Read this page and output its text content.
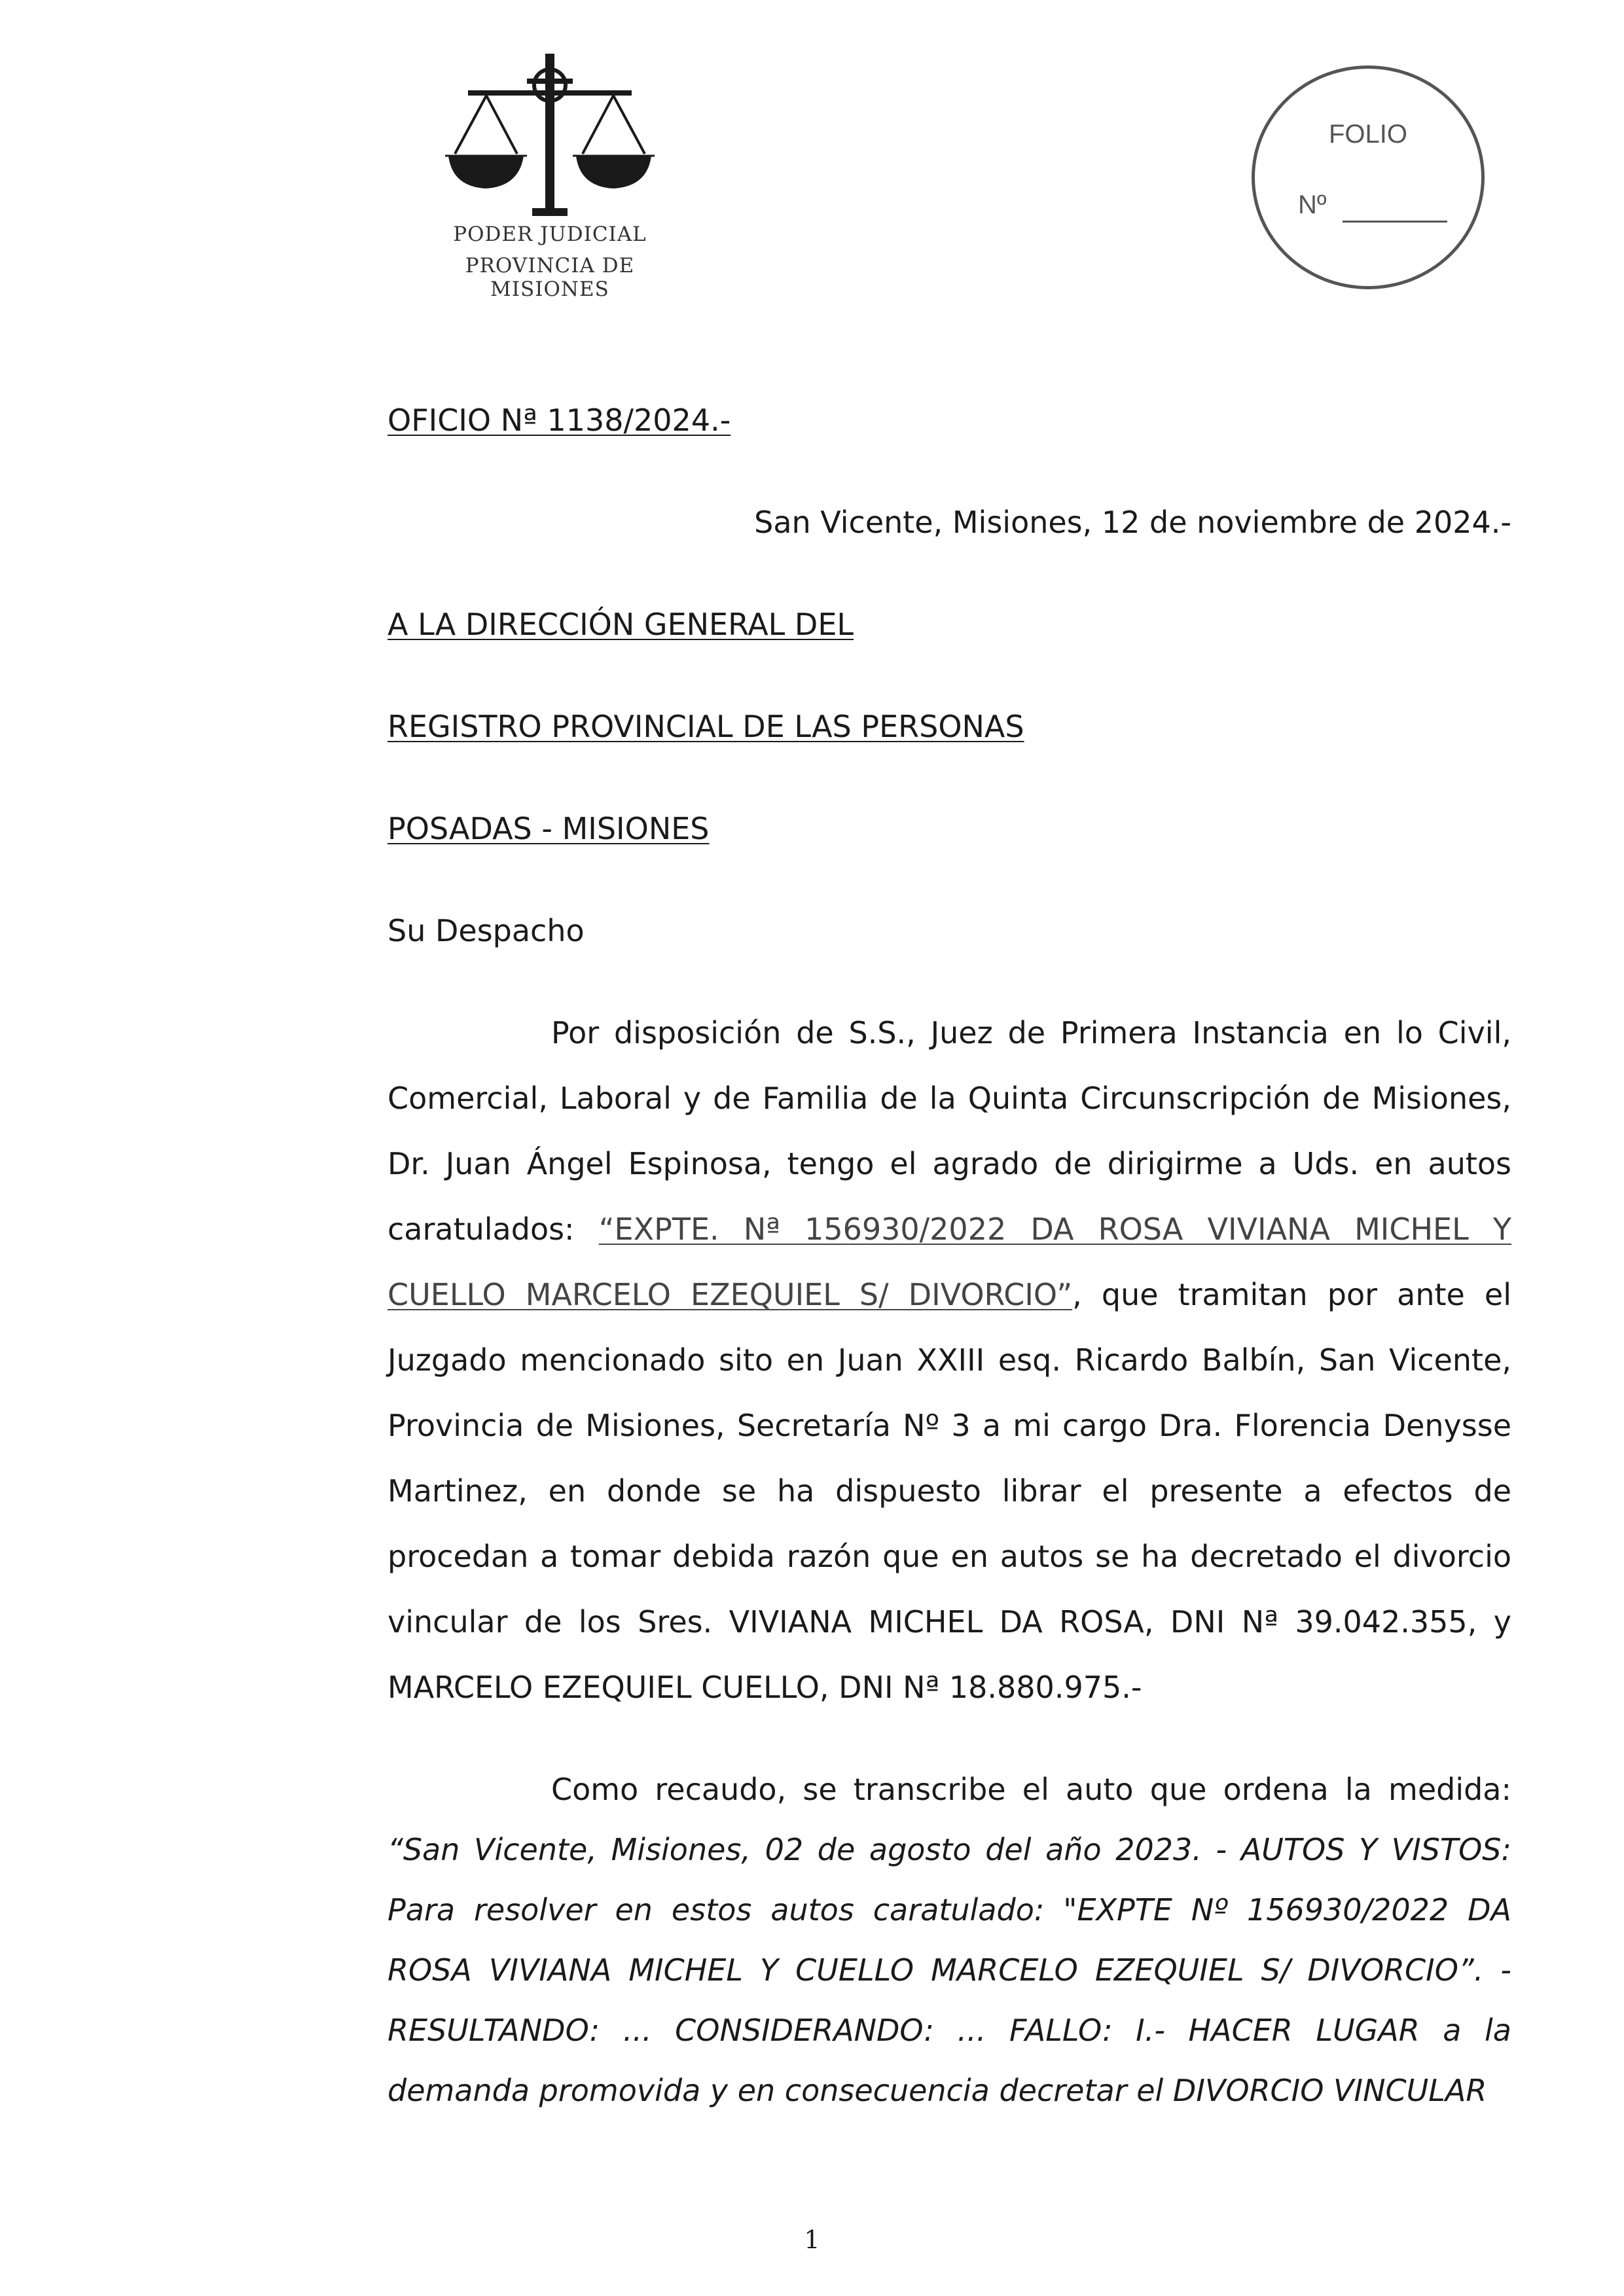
PODER JUDICIAL
PROVINCIA DE MISIONES
FOLIO
Nº
OFICIO Nª 1138/2024.-
San Vicente, Misiones, 12 de noviembre de 2024.-
A LA DIRECCIÓN GENERAL DEL
REGISTRO PROVINCIAL DE LAS PERSONAS
POSADAS - MISIONES
Su Despacho
Por disposición de S.S., Juez de Primera Instancia en lo Civil, Comercial, Laboral y de Familia de la Quinta Circunscripción de Misiones, Dr. Juan Ángel Espinosa, tengo el agrado de dirigirme a Uds. en autos caratulados: “EXPTE. Nª 156930/2022 DA ROSA VIVIANA MICHEL Y CUELLO MARCELO EZEQUIEL S/ DIVORCIO”, que tramitan por ante el Juzgado mencionado sito en Juan XXIII esq. Ricardo Balbín, San Vicente, Provincia de Misiones, Secretaría Nº 3 a mi cargo Dra. Florencia Denysse Martinez, en donde se ha dispuesto librar el presente a efectos de procedan a tomar debida razón que en autos se ha decretado el divorcio vincular de los Sres. VIVIANA MICHEL DA ROSA, DNI Nª 39.042.355, y MARCELO EZEQUIEL CUELLO, DNI Nª 18.880.975.-
Como recaudo, se transcribe el auto que ordena la medida: “San Vicente, Misiones, 02 de agosto del año 2023. - AUTOS Y VISTOS: Para resolver en estos autos caratulado: "EXPTE Nº 156930/2022 DA ROSA VIVIANA MICHEL Y CUELLO MARCELO EZEQUIEL S/ DIVORCIO”. - RESULTANDO: ... CONSIDERANDO: ... FALLO: I.- HACER LUGAR a la demanda promovida y en consecuencia decretar el DIVORCIO VINCULAR
1
